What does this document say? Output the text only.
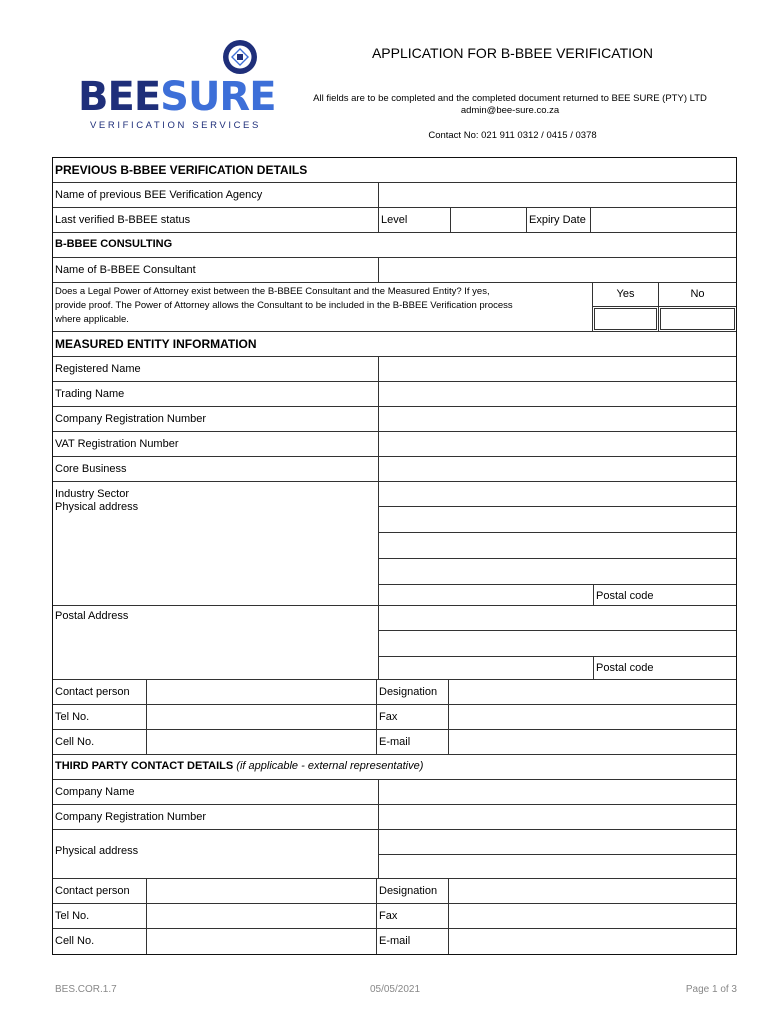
BEESURE
VERIFICATION SERVICES
APPLICATION FOR B-BBEE VERIFICATION
All fields are to be completed and the completed document returned to BEE SURE (PTY) LTD
admin@bee-sure.co.za
Contact No: 021 911 0312 / 0415 / 0378
PREVIOUS B-BBEE VERIFICATION DETAILS
Name of previous BEE Verification Agency
Last verified B-BBEE status	Level	Expiry Date
B-BBEE CONSULTING
Name of B-BBEE Consultant
Does a Legal Power of Attorney exist between the B-BBEE Consultant and the Measured Entity? If yes,
provide proof. The Power of Attorney allows the Consultant to be included in the B-BBEE Verification process
where applicable.
Yes	No
MEASURED ENTITY INFORMATION
Registered Name
Trading Name
Company Registration Number
VAT Registration Number
Core Business
Industry Sector
Physical address
Postal code
Postal Address
Postal code
Contact person	Designation
Tel No.	Fax
Cell No.	E-mail
THIRD PARTY CONTACT DETAILS (if applicable - external representative)
Company Name
Company Registration Number
Physical address
Contact person	Designation
Tel No.	Fax
Cell No.	E-mail
BES.COR.1.7	05/05/2021	Page 1 of 3
